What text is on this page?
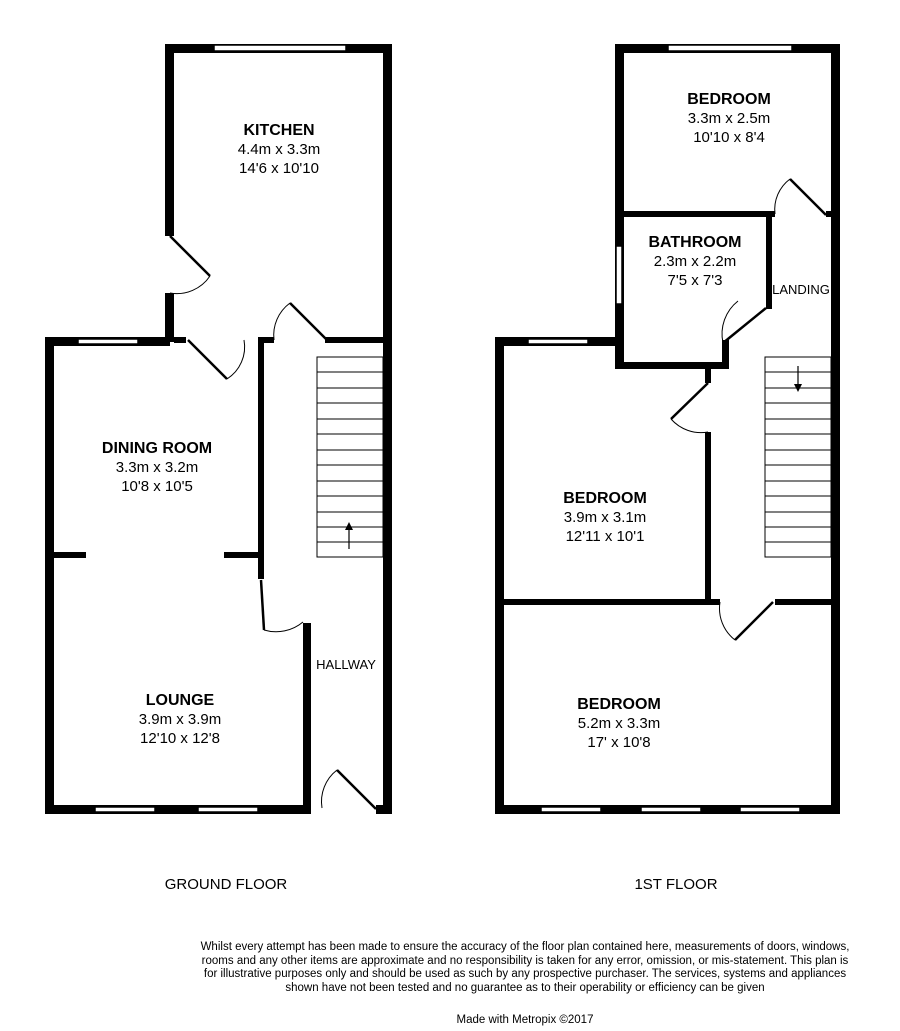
KITCHEN
4.4m x 3.3m
14'6 x 10'10
DINING ROOM
3.3m x 3.2m
10'8 x 10'5
LOUNGE
3.9m x 3.9m
12'10 x 12'8
HALLWAY
GROUND FLOOR
BEDROOM
3.3m x 2.5m
10'10 x 8'4
BATHROOM
2.3m x 2.2m
7'5 x 7'3
LANDING
BEDROOM
3.9m x 3.1m
12'11 x 10'1
BEDROOM
5.2m x 3.3m
17' x 10'8
1ST FLOOR

Whilst every attempt has been made to ensure the accuracy of the floor plan contained here, measurements of doors, windows, rooms and any other items are approximate and no responsibility is taken for any error, omission, or mis-statement. This plan is for illustrative purposes only and should be used as such by any prospective purchaser. The services, systems and appliances shown have not been tested and no guarantee as to their operability or efficiency can be given

Made with Metropix ©2017
